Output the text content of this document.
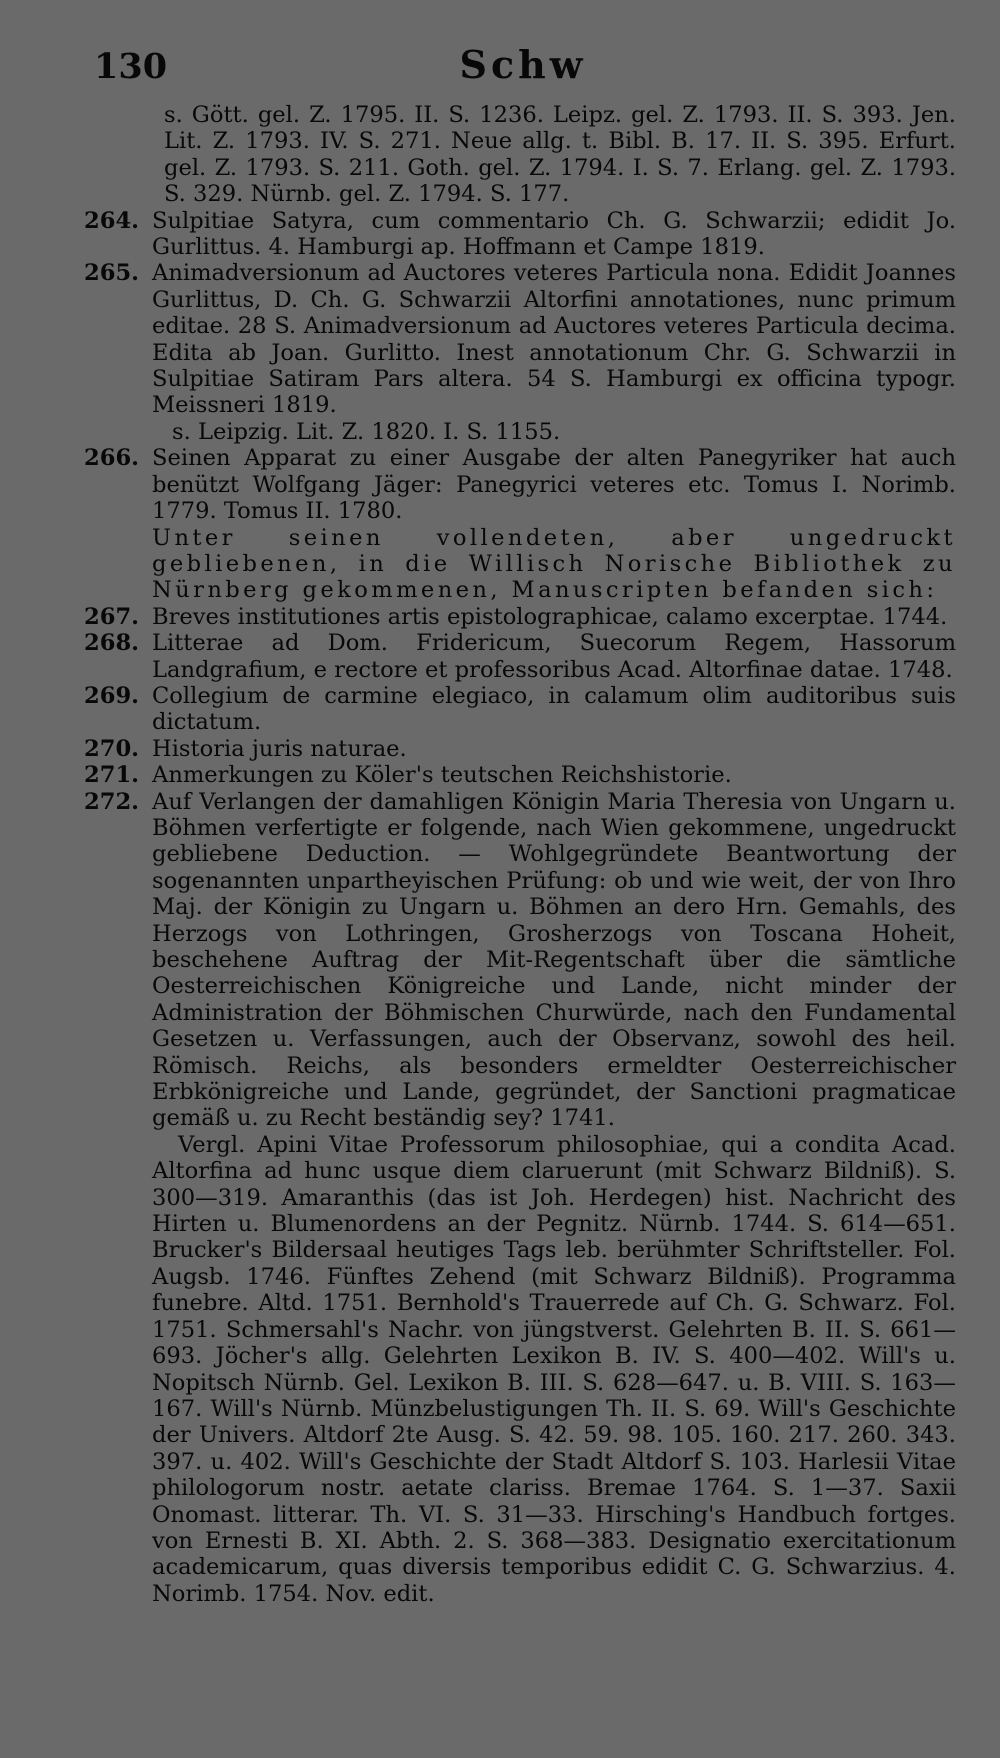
130	Schw
s. Gött. gel. Z. 1795. II. S. 1236. Leipz. gel. Z. 1793. II. S. 393. Jen. Lit. Z. 1793. IV. S. 271. Neue allg. t. Bibl. B. 17. II. S. 395. Erfurt. gel. Z. 1793. S. 211. Goth. gel. Z. 1794. I. S. 7. Erlang. gel. Z. 1793. S. 329. Nürnb. gel. Z. 1794. S. 177.
264. Sulpitiae Satyra, cum commentario Ch. G. Schwarzii; edidit Jo. Gurlittus. 4. Hamburgi ap. Hoffmann et Campe 1819.
265. Animadversionum ad Auctores veteres Particula nona. Edidit Joannes Gurlittus, D. Ch. G. Schwarzii Altorfini annotationes, nunc primum editae. 28 S. Animadversionum ad Auctores veteres Particula decima. Edita ab Joan. Gurlitto. Inest annotationum Chr. G. Schwarzii in Sulpitiae Satiram Pars altera. 54 S. Hamburgi ex officina typogr. Meissneri 1819.
s. Leipzig. Lit. Z. 1820. I. S. 1155.
266. Seinen Apparat zu einer Ausgabe der alten Panegyriker hat auch benützt Wolfgang Jäger: Panegyrici veteres etc. Tomus I. Norimb. 1779. Tomus II. 1780.
Unter seinen vollendeten, aber ungedruckt gebliebenen, in die Willisch Norische Bibliothek zu Nürnberg gekommenen, Manuscripten befanden sich:
267. Breves institutiones artis epistolographicae, calamo excerptae. 1744.
268. Litterae ad Dom. Fridericum, Suecorum Regem, Hassorum Landgrafium, e rectore et professoribus Acad. Altorfinae datae. 1748.
269. Collegium de carmine elegiaco, in calamum olim auditoribus suis dictatum.
270. Historia juris naturae.
271. Anmerkungen zu Köler's teutschen Reichshistorie.
272. Auf Verlangen der damahligen Königin Maria Theresia von Ungarn u. Böhmen verfertigte er folgende, nach Wien gekommene, ungedruckt gebliebene Deduction. — Wohlgegründete Beantwortung der sogenannten unpartheyischen Prüfung: ob und wie weit, der von Ihro Maj. der Königin zu Ungarn u. Böhmen an dero Hrn. Gemahls, des Herzogs von Lothringen, Grosherzogs von Toscana Hoheit, beschehene Auftrag der Mit-Regentschaft über die sämtliche Oesterreichischen Königreiche und Lande, nicht minder der Administration der Böhmischen Churwürde, nach den Fundamental Gesetzen u. Verfassungen, auch der Observanz, sowohl des heil. Römisch. Reichs, als besonders ermeldter Oesterreichischer Erbkönigreiche und Lande, gegründet, der Sanctioni pragmaticae gemäß u. zu Recht beständig sey? 1741.
Vergl. Apini Vitae Professorum philosophiae, qui a condita Acad. Altorfina ad hunc usque diem claruerunt (mit Schwarz Bildniß). S. 300—319. Amaranthis (das ist Joh. Herdegen) hist. Nachricht des Hirten u. Blumenordens an der Pegnitz. Nürnb. 1744. S. 614—651. Brucker's Bildersaal heutiges Tags leb. berühmter Schriftsteller. Fol. Augsb. 1746. Fünftes Zehend (mit Schwarz Bildniß). Programma funebre. Altd. 1751. Bernhold's Trauerrede auf Ch. G. Schwarz. Fol. 1751. Schmersahl's Nachr. von jüngstverst. Gelehrten B. II. S. 661—693. Jöcher's allg. Gelehrten Lexikon B. IV. S. 400—402. Will's u. Nopitsch Nürnb. Gel. Lexikon B. III. S. 628—647. u. B. VIII. S. 163—167. Will's Nürnb. Münzbelustigungen Th. II. S. 69. Will's Geschichte der Univers. Altdorf 2te Ausg. S. 42. 59. 98. 105. 160. 217. 260. 343. 397. u. 402. Will's Geschichte der Stadt Altdorf S. 103. Harlesii Vitae philologorum nostr. aetate clariss. Bremae 1764. S. 1—37. Saxii Onomast. litterar. Th. VI. S. 31—33. Hirsching's Handbuch fortges. von Ernesti B. XI. Abth. 2. S. 368—383. Designatio exercitationum academicarum, quas diversis temporibus edidit C. G. Schwarzius. 4. Norimb. 1754. Nov. edit.
